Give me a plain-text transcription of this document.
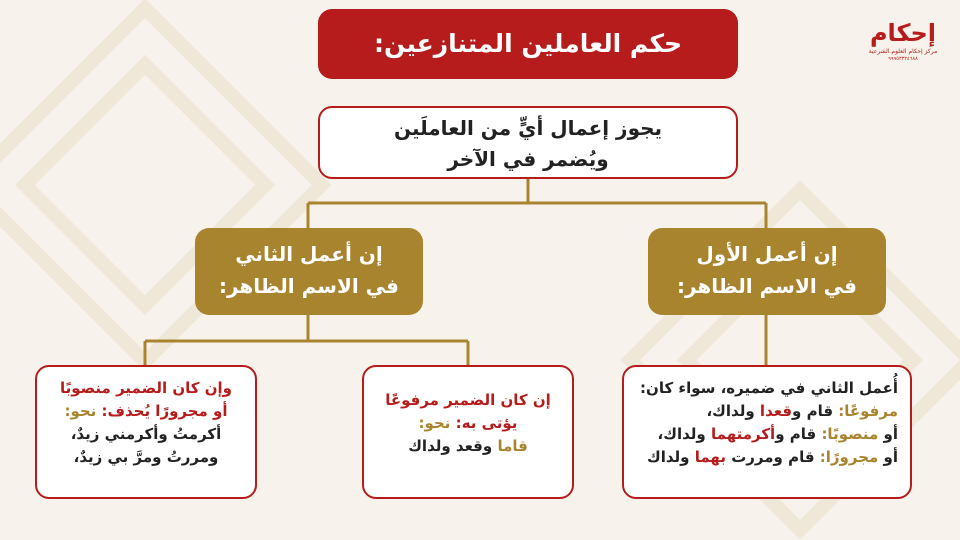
إحكام
مركز إحكام العلوم الشرعية
٩٩٩٥٣٣٢٤٦٨٨
حكم العاملين المتنازعين:
يجوز إعمال أيٍّ من العاملَين
ويُضمر في الآخر
إن أعمل الثاني
في الاسم الظاهر:
إن أعمل الأول
في الاسم الظاهر:
أُعمل الثاني في ضميره، سواء كان:
مرفوعًا: قام وقعدا ولداك،
أو منصوبًا: قام وأكرمتهما ولداك،
أو مجرورًا: قام ومررت بهما ولداك
إن كان الضمير مرفوعًا
يؤتى به: نحو:
قاما وقعد ولداك
وإن كان الضمير منصوبًا
أو مجرورًا يُحذف: نحو:
أكرمتُ وأكرمني زيدٌ،
ومررتُ ومرَّ بي زيدٌ،
